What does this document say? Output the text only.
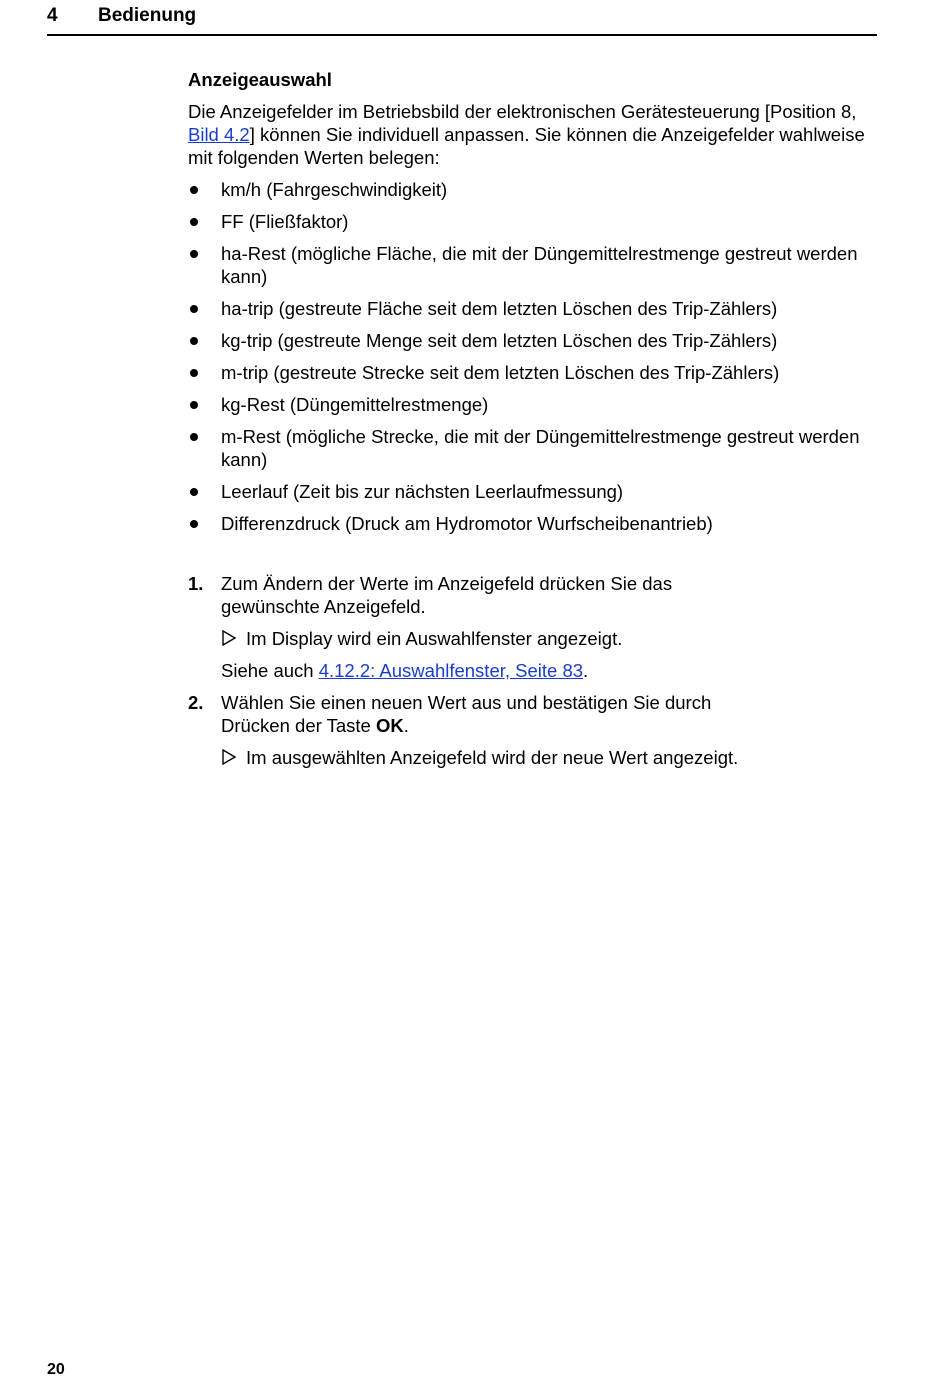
4 Bedienung
Anzeigeauswahl

Die Anzeigefelder im Betriebsbild der elektronischen Gerätesteuerung [Position 8, Bild 4.2] können Sie individuell anpassen. Sie können die Anzeigefelder wahlweise mit folgenden Werten belegen:

km/h (Fahrgeschwindigkeit)
FF (Fließfaktor)
ha-Rest (mögliche Fläche, die mit der Düngemittelrestmenge gestreut werden kann)
ha-trip (gestreute Fläche seit dem letzten Löschen des Trip-Zählers)
kg-trip (gestreute Menge seit dem letzten Löschen des Trip-Zählers)
m-trip (gestreute Strecke seit dem letzten Löschen des Trip-Zählers)
kg-Rest (Düngemittelrestmenge)
m-Rest (mögliche Strecke, die mit der Düngemittelrestmenge gestreut werden kann)
Leerlauf (Zeit bis zur nächsten Leerlaufmessung)
Differenzdruck (Druck am Hydromotor Wurfscheibenantrieb)
1. Zum Ändern der Werte im Anzeigefeld drücken Sie das gewünschte Anzeigefeld.

Im Display wird ein Auswahlfenster angezeigt.

Siehe auch 4.12.2: Auswahlfenster, Seite 83.

2. Wählen Sie einen neuen Wert aus und bestätigen Sie durch Drücken der Taste OK.

Im ausgewählten Anzeigefeld wird der neue Wert angezeigt.
20
